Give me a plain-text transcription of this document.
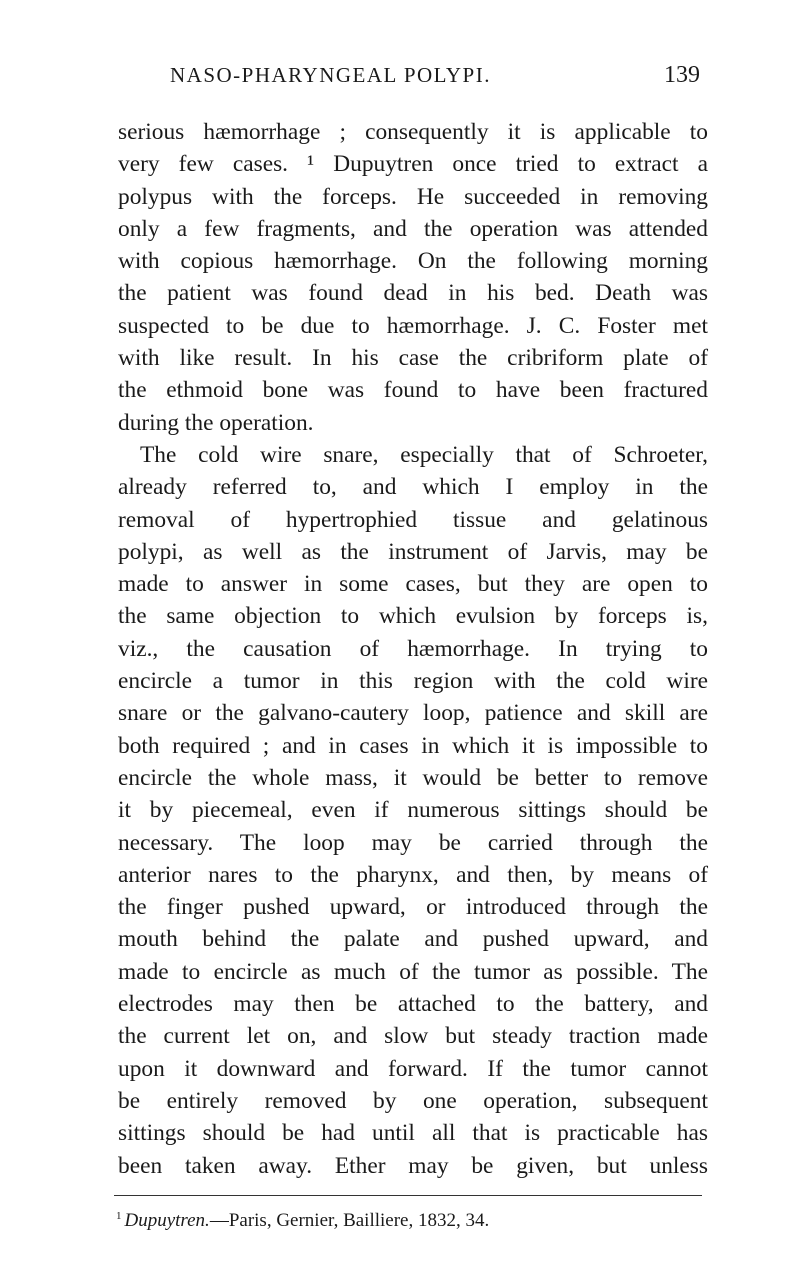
NASO-PHARYNGEAL POLYPI.	139
serious hæmorrhage ; consequently it is applicable to
very few cases. ¹ Dupuytren once tried to extract a
polypus with the forceps. He succeeded in removing
only a few fragments, and the operation was attended
with copious hæmorrhage. On the following morning
the patient was found dead in his bed. Death was
suspected to be due to hæmorrhage. J. C. Foster met
with like result. In his case the cribriform plate of
the ethmoid bone was found to have been fractured
during the operation.
The cold wire snare, especially that of Schroeter,
already referred to, and which I employ in the
removal of hypertrophied tissue and gelatinous
polypi, as well as the instrument of Jarvis, may be
made to answer in some cases, but they are open to
the same objection to which evulsion by forceps is,
viz., the causation of hæmorrhage. In trying to
encircle a tumor in this region with the cold wire
snare or the galvano-cautery loop, patience and skill are
both required ; and in cases in which it is impossible to
encircle the whole mass, it would be better to remove
it by piecemeal, even if numerous sittings should be
necessary. The loop may be carried through the
anterior nares to the pharynx, and then, by means of
the finger pushed upward, or introduced through the
mouth behind the palate and pushed upward, and
made to encircle as much of the tumor as possible. The
electrodes may then be attached to the battery, and
the current let on, and slow but steady traction made
upon it downward and forward. If the tumor cannot
be entirely removed by one operation, subsequent
sittings should be had until all that is practicable has
been taken away. Ether may be given, but unless
$^1$ Dupuytren.—Paris, Gernier, Bailliere, 1832, 34.
